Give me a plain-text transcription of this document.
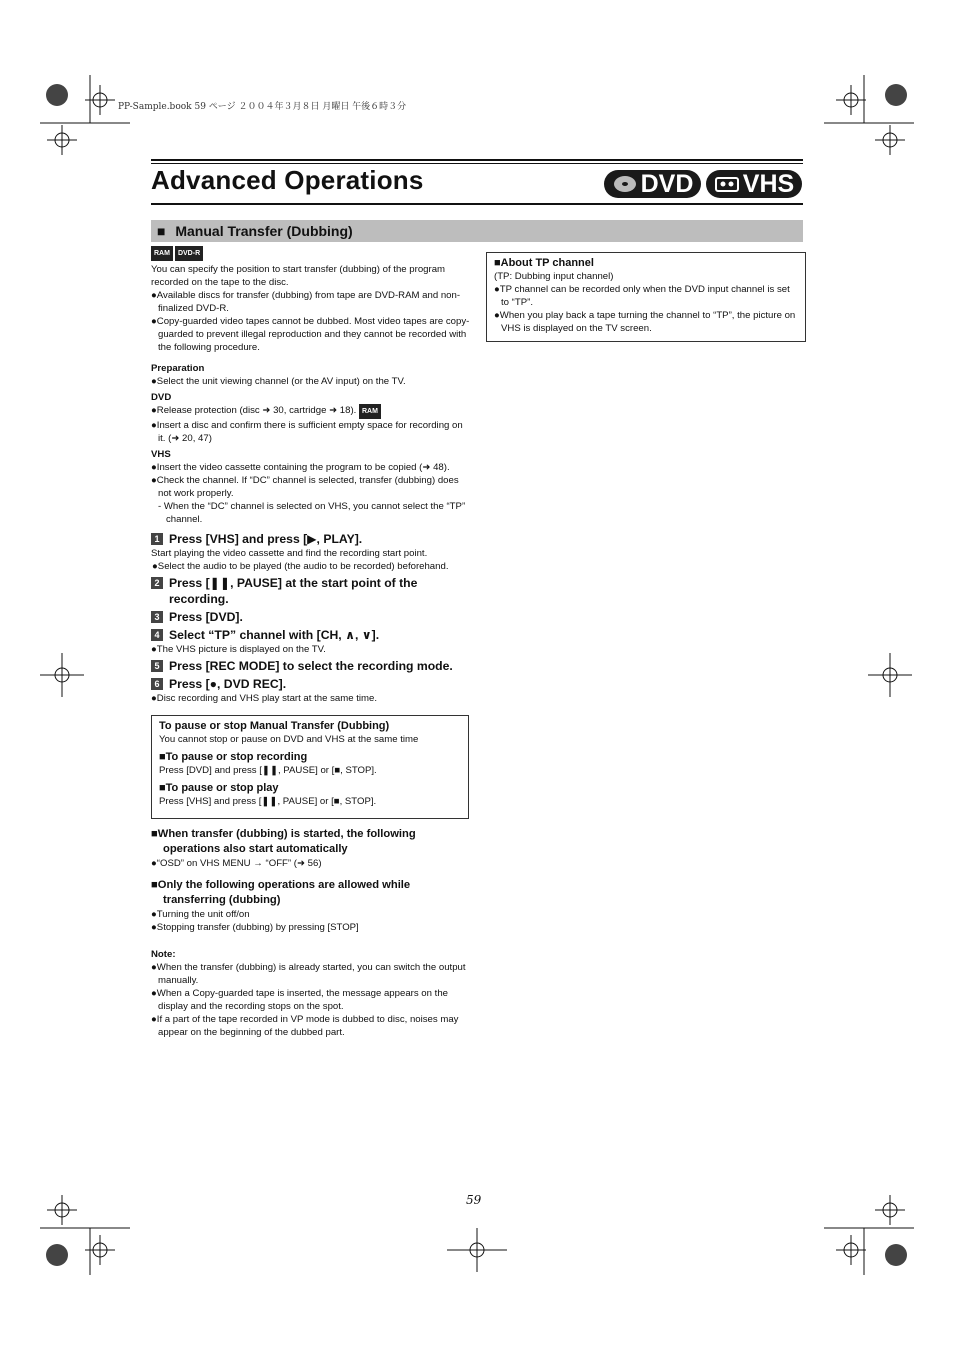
PP-Sample.book 59 ページ ２００４年３月８日 月曜日 午後６時３分
Advanced Operations	DVD VHS
■ Manual Transfer (Dubbing)
RAM DVD-R

You can specify the position to start transfer (dubbing) of the program recorded on the tape to the disc.

●Available discs for transfer (dubbing) from tape are DVD-RAM and non-finalized DVD-R.

●Copy-guarded video tapes cannot be dubbed. Most video tapes are copy-guarded to prevent illegal reproduction and they cannot be recorded with the following procedure.

Preparation

●Select the unit viewing channel (or the AV input) on the TV.

DVD

●Release protection (disc ➜ 30, cartridge ➜ 18). RAM

●Insert a disc and confirm there is sufficient empty space for recording on it. (➜ 20, 47)

VHS

●Insert the video cassette containing the program to be copied (➜ 48).

●Check the channel. If “DC” channel is selected, transfer (dubbing) does not work properly.

- When the “DC” channel is selected on VHS, you cannot select the “TP” channel.

1 Press [VHS] and press [▶, PLAY].

Start playing the video cassette and find the recording start point.

●Select the audio to be played (the audio to be recorded) beforehand.

2 Press [❚❚, PAUSE] at the start point of the recording.
3 Press [DVD].
4 Select “TP” channel with [CH, ∧, ∨].

●The VHS picture is displayed on the TV.

5 Press [REC MODE] to select the recording mode.
6 Press [●, DVD REC].

●Disc recording and VHS play start at the same time.

To pause or stop Manual Transfer (Dubbing)

You cannot stop or pause on DVD and VHS at the same time

■To pause or stop recording

Press [DVD] and press [❚❚, PAUSE] or [■, STOP].

■To pause or stop play

Press [VHS] and press [❚❚, PAUSE] or [■, STOP].

■When transfer (dubbing) is started, the following operations also start automatically

●“OSD” on VHS MENU → “OFF” (➜ 56)

■Only the following operations are allowed while transferring (dubbing)

●Turning the unit off/on

●Stopping transfer (dubbing) by pressing [STOP]

Note:

●When the transfer (dubbing) is already started, you can switch the output manually.

●When a Copy-guarded tape is inserted, the message appears on the display and the recording stops on the spot.

●If a part of the tape recorded in VP mode is dubbed to disc, noises may appear on the beginning of the dubbed part.

■About TP channel

(TP: Dubbing input channel)

●TP channel can be recorded only when the DVD input channel is set to “TP”.

●When you play back a tape turning the channel to “TP”, the picture on VHS is displayed on the TV screen.

59
